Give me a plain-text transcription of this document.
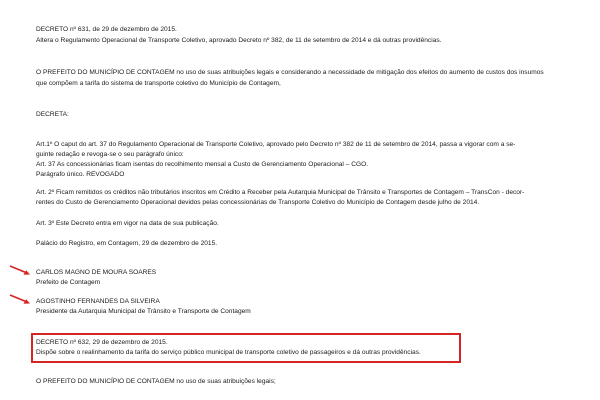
DECRETO nº 631, de 29 de dezembro de 2015.
Altera o Regulamento Operacional de Transporte Coletivo, aprovado Decreto nº 382, de 11 de setembro de 2014 e dá outras providências.
O PREFEITO DO MUNICÍPIO DE CONTAGEM no uso de suas atribuições legais e considerando a necessidade de mitigação dos efeitos do aumento de custos dos insumos
que compõem a tarifa do sistema de transporte coletivo do Município de Contagem,
DECRETA:
Art.1º O caput do art. 37 do Regulamento Operacional de Transporte Coletivo, aprovado pelo Decreto nº 382 de 11 de setembro de 2014, passa a vigorar com a se-
guinte redação e revoga-se o seu parágrafo único:
Art. 37 As concessionárias ficam isentas do recolhimento mensal a Custo de Gerenciamento Operacional – CGO.
Parágrafo único. REVOGADO
Art. 2º Ficam remitidos os créditos não tributários inscritos em Crédito a Receber pela Autarquia Municipal de Trânsito e Transportes de Contagem – TransCon - decor-
rentes do Custo de Gerenciamento Operacional devidos pelas concessionárias de Transporte Coletivo do Município de Contagem desde julho de 2014.
Art. 3º Este Decreto entra em vigor na data de sua publicação.
Palácio do Registro, em Contagem, 29 de dezembro de 2015.
CARLOS MAGNO DE MOURA SOARES
Prefeito de Contagem
AGOSTINHO FERNANDES DA SILVEIRA
Presidente da Autarquia Municipal de Trânsito e Transporte de Contagem
DECRETO nº 632, 29 de dezembro de 2015.
Dispõe sobre o realinhamento da tarifa do serviço público municipal de transporte coletivo de passageiros e dá outras providências.
O PREFEITO DO MUNICÍPIO DE CONTAGEM no uso de suas atribuições legais;
